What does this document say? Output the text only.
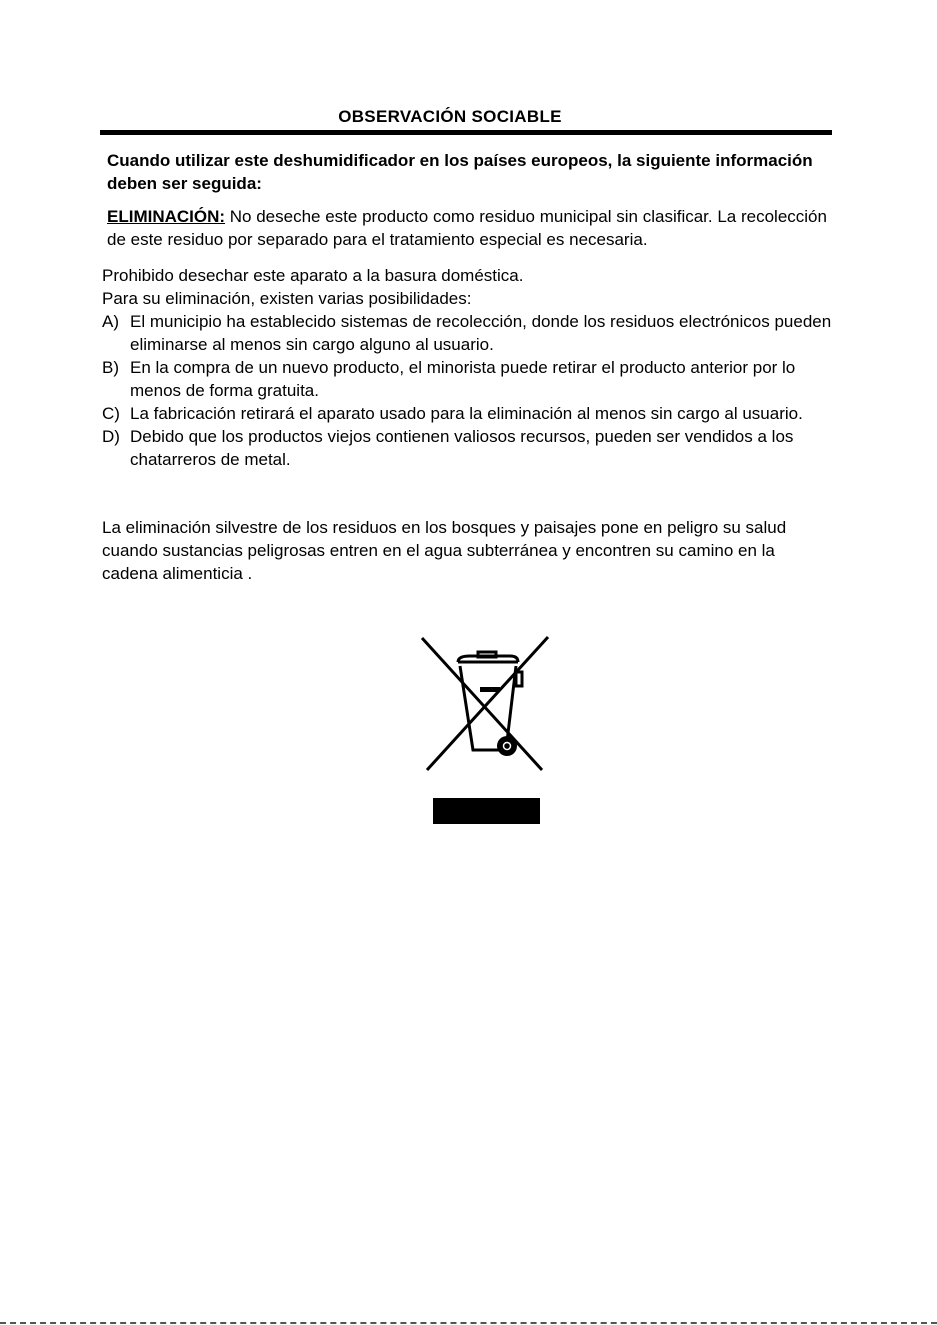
OBSERVACIÓN SOCIABLE
Cuando utilizar este deshumidificador en los países europeos, la siguiente información deben ser seguida:
ELIMINACIÓN: No deseche este producto como residuo municipal sin clasificar. La recolección de este residuo por separado para el tratamiento especial es necesaria.

Prohibido desechar este aparato a la basura doméstica.

Para su eliminación, existen varias posibilidades:

A) El municipio ha establecido sistemas de recolección, donde los residuos electrónicos pueden eliminarse al menos sin cargo alguno al usuario.
B) En la compra de un nuevo producto, el minorista puede retirar el producto anterior por lo menos de forma gratuita.
C) La fabricación retirará el aparato usado para la eliminación al menos sin cargo al usuario.
D) Debido que los productos viejos contienen valiosos recursos, pueden ser vendidos a los chatarreros de metal.
La eliminación silvestre de los residuos en los bosques y paisajes pone en peligro su salud cuando sustancias peligrosas entren en el agua subterránea y encontren su camino en la cadena alimenticia .
